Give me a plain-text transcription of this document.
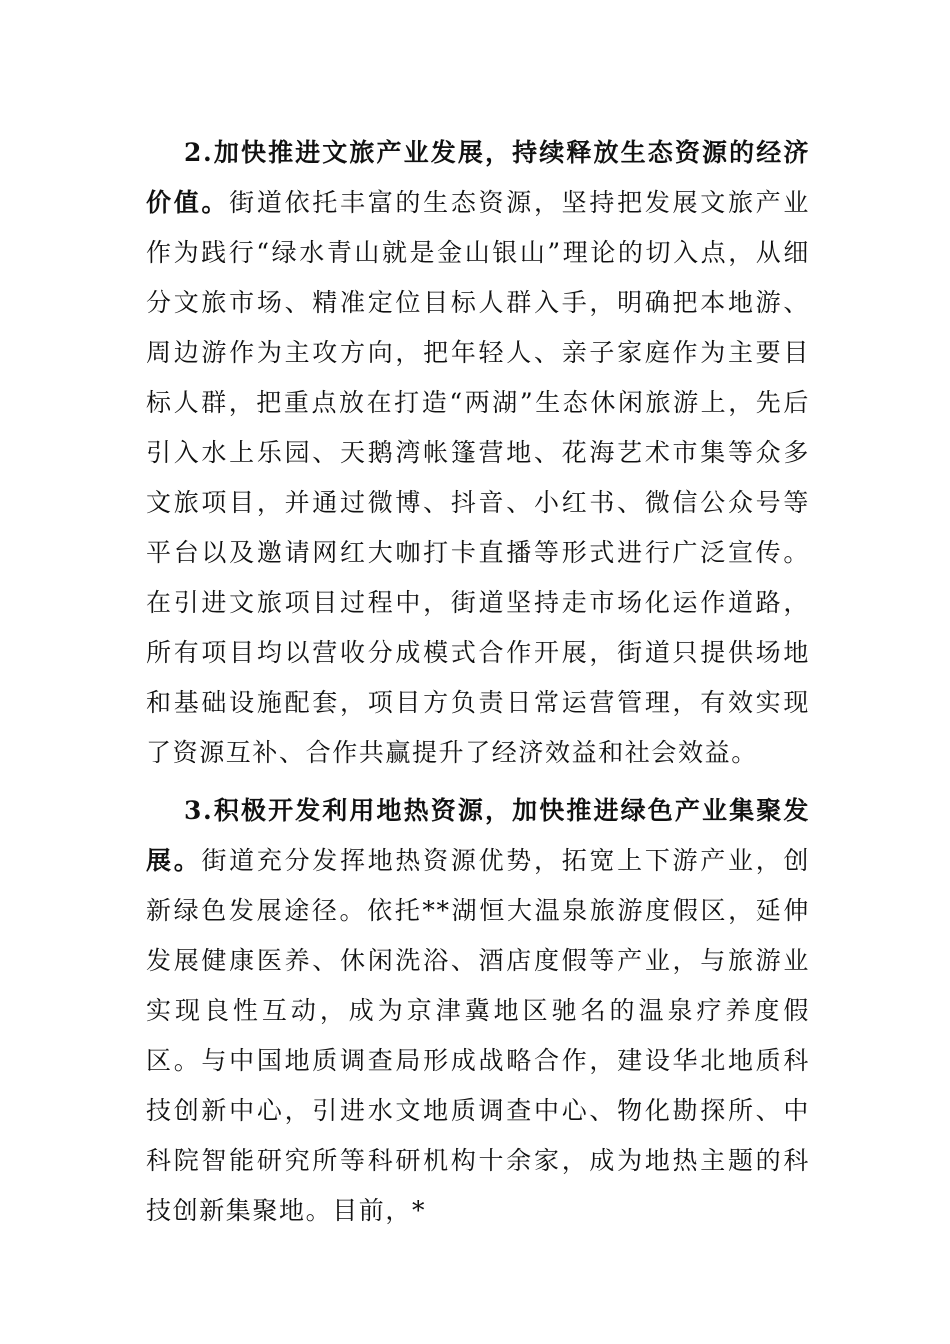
2.加快推进文旅产业发展，持续释放生态资源的经济价值。街道依托丰富的生态资源，坚持把发展文旅产业作为践行“绿水青山就是金山银山”理论的切入点，从细分文旅市场、精准定位目标人群入手，明确把本地游、周边游作为主攻方向，把年轻人、亲子家庭作为主要目标人群，把重点放在打造“两湖”生态休闲旅游上，先后引入水上乐园、天鹅湾帐篷营地、花海艺术市集等众多文旅项目，并通过微博、抖音、小红书、微信公众号等平台以及邀请网红大咖打卡直播等形式进行广泛宣传。在引进文旅项目过程中，街道坚持走市场化运作道路，所有项目均以营收分成模式合作开展，街道只提供场地和基础设施配套，项目方负责日常运营管理，有效实现了资源互补、合作共赢提升了经济效益和社会效益。

3.积极开发利用地热资源，加快推进绿色产业集聚发展。街道充分发挥地热资源优势，拓宽上下游产业，创新绿色发展途径。依托**湖恒大温泉旅游度假区，延伸发展健康医养、休闲洗浴、酒店度假等产业，与旅游业实现良性互动，成为京津冀地区驰名的温泉疗养度假区。与中国地质调查局形成战略合作，建设华北地质科技创新中心，引进水文地质调查中心、物化勘探所、中科院智能研究所等科研机构十余家，成为地热主题的科技创新集聚地。目前，*
